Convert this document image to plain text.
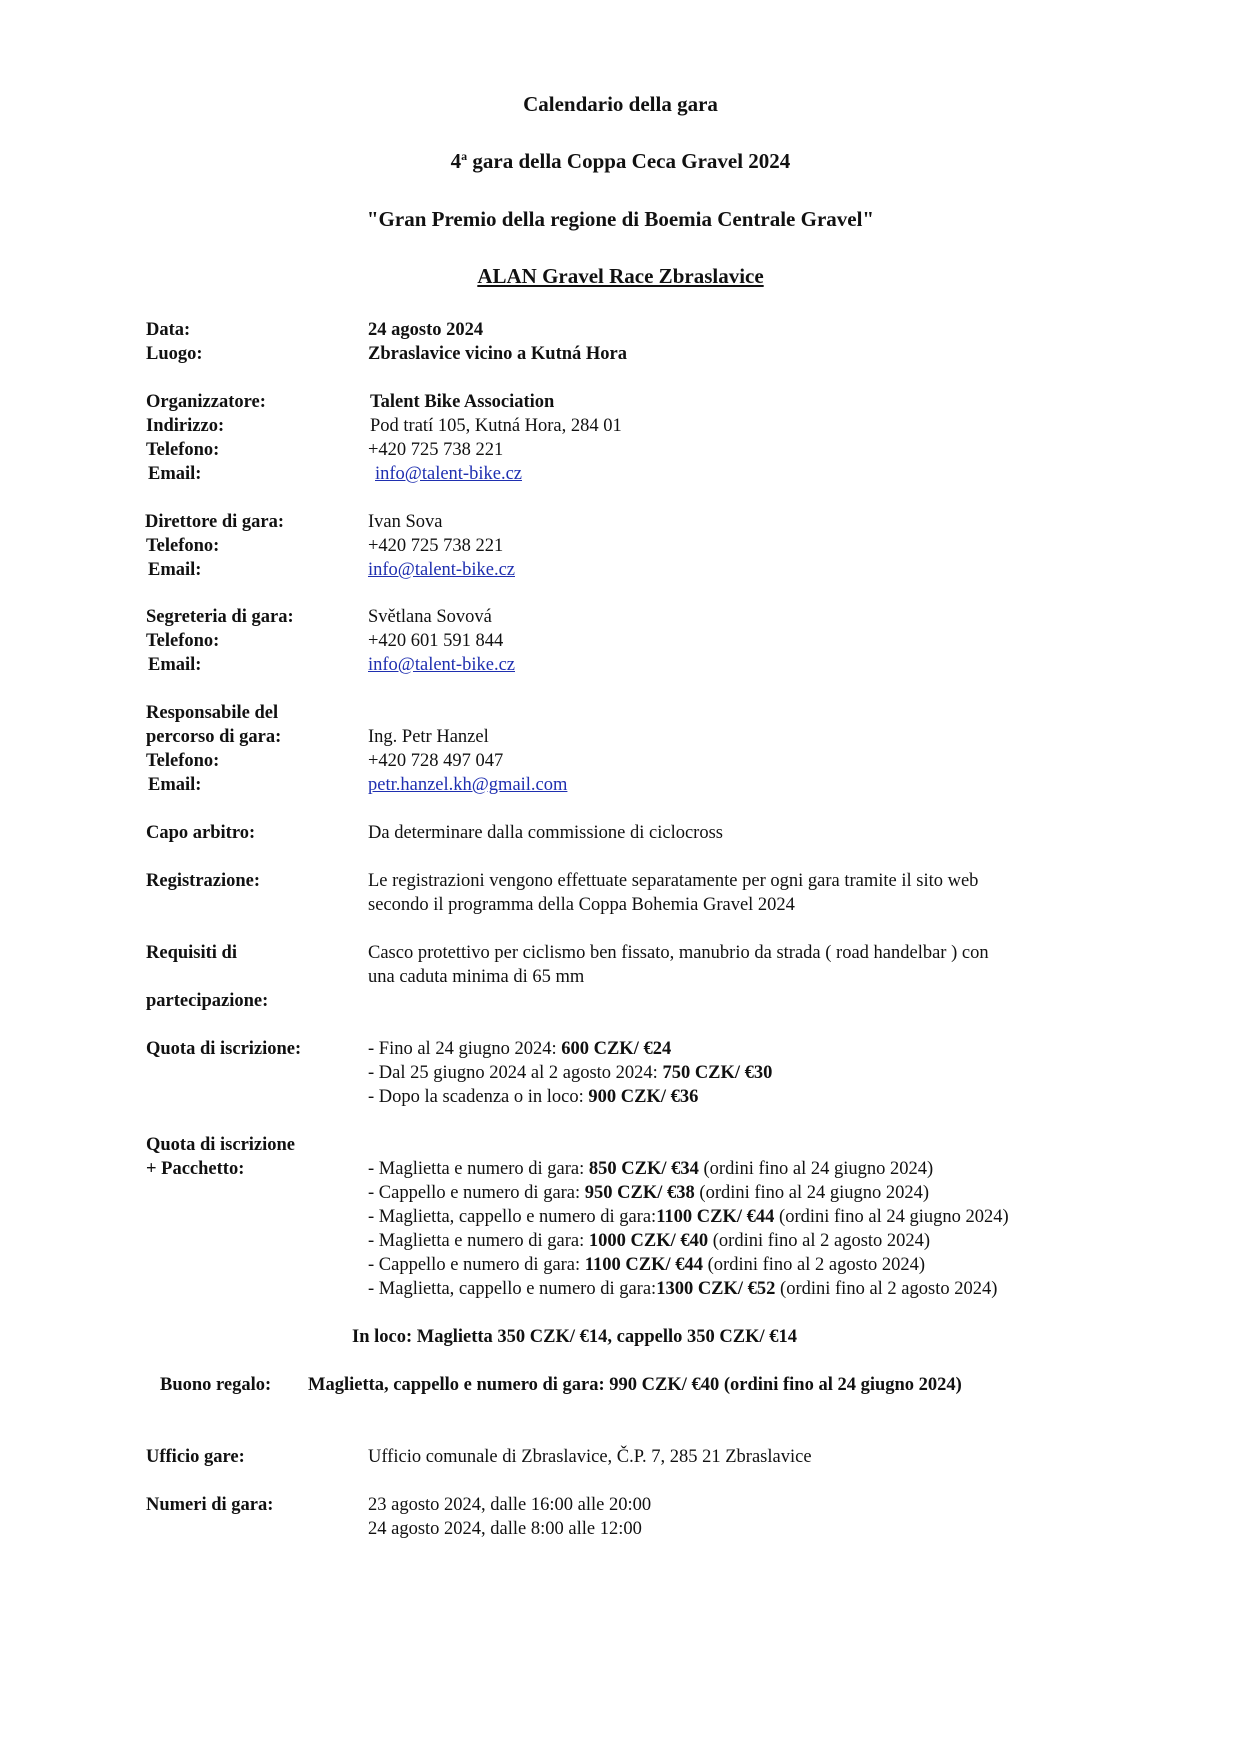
Calendario della gara
4$^a$ gara della Coppa Ceca Gravel 2024
"Gran Premio della regione di Boemia Centrale Gravel"
ALAN Gravel Race Zbraslavice
Data:	24 agosto 2024
Luogo:	Zbraslavice vicino a Kutná Hora
Organizzatore:	Talent Bike Association
Indirizzo:	Pod tratí 105, Kutná Hora, 284 01
Telefono:	+420 725 738 221
Email:	info@talent-bike.cz
Direttore di gara:	Ivan Sova
Telefono:	+420 725 738 221
Email:	info@talent-bike.cz
Segreteria di gara:	Světlana Sovová
Telefono:	+420 601 591 844
Email:	info@talent-bike.cz
Responsabile del
percorso di gara:	Ing. Petr Hanzel
Telefono:	+420 728 497 047
Email:	petr.hanzel.kh@gmail.com
Capo arbitro:	Da determinare dalla commissione di ciclocross
Registrazione:	Le registrazioni vengono effettuate separatamente per ogni gara tramite il sito web
secondo il programma della Coppa Bohemia Gravel 2024
Requisiti di	Casco protettivo per ciclismo ben fissato, manubrio da strada ( road handelbar ) con
una caduta minima di 65 mm
partecipazione:
Quota di iscrizione:	- Fino al 24 giugno 2024: 600 CZK/ €24
- Dal 25 giugno 2024 al 2 agosto 2024: 750 CZK/ €30
- Dopo la scadenza o in loco: 900 CZK/ €36
Quota di iscrizione
+ Pacchetto:	- Maglietta e numero di gara: 850 CZK/ €34 (ordini fino al 24 giugno 2024)
- Cappello e numero di gara: 950 CZK/ €38 (ordini fino al 24 giugno 2024)
- Maglietta, cappello e numero di gara:1100 CZK/ €44 (ordini fino al 24 giugno 2024)
- Maglietta e numero di gara: 1000 CZK/ €40 (ordini fino al 2 agosto 2024)
- Cappello e numero di gara: 1100 CZK/ €44 (ordini fino al 2 agosto 2024)
- Maglietta, cappello e numero di gara:1300 CZK/ €52 (ordini fino al 2 agosto 2024)
In loco: Maglietta 350 CZK/ €14, cappello 350 CZK/ €14
Buono regalo: Maglietta, cappello e numero di gara: 990 CZK/ €40 (ordini fino al 24 giugno 2024)
Ufficio gare:	Ufficio comunale di Zbraslavice, Č.P. 7, 285 21 Zbraslavice
Numeri di gara:	23 agosto 2024, dalle 16:00 alle 20:00
24 agosto 2024, dalle 8:00 alle 12:00
